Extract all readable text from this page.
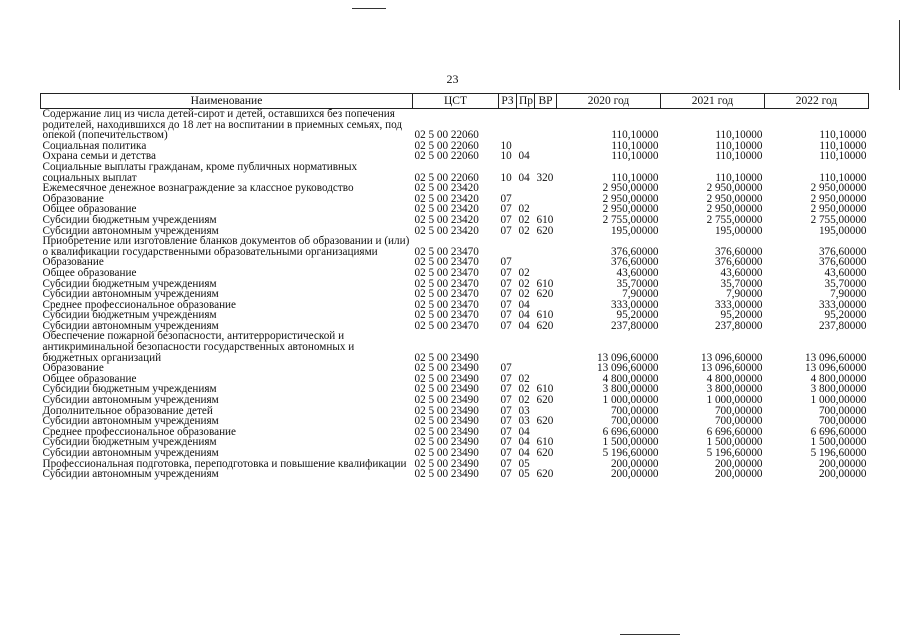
23
Наименование	ЦСТ	РЗ	Пр	ВР	2020 год	2021 год	2022 год
Содержание лиц из числа детей-сирот и детей, оставшихся без попечения родителей, находившихся до 18 лет на воспитании в приемных семьях, под опекой (попечительством)	02 5 00 22060				110,10000	110,10000	110,10000
Социальная политика	02 5 00 22060	10			110,10000	110,10000	110,10000
Охрана семьи и детства	02 5 00 22060	10	04		110,10000	110,10000	110,10000
Социальные выплаты гражданам, кроме публичных нормативных социальных выплат	02 5 00 22060	10	04	320	110,10000	110,10000	110,10000
Ежемесячное денежное вознаграждение за классное руководство	02 5 00 23420				2 950,00000	2 950,00000	2 950,00000
Образование	02 5 00 23420	07			2 950,00000	2 950,00000	2 950,00000
Общее образование	02 5 00 23420	07	02		2 950,00000	2 950,00000	2 950,00000
Субсидии бюджетным учреждениям	02 5 00 23420	07	02	610	2 755,00000	2 755,00000	2 755,00000
Субсидии автономным учреждениям	02 5 00 23420	07	02	620	195,00000	195,00000	195,00000
Приобретение или изготовление бланков документов об образовании и (или) о квалификации государственными образовательными организациями	02 5 00 23470				376,60000	376,60000	376,60000
Образование	02 5 00 23470	07			376,60000	376,60000	376,60000
Общее образование	02 5 00 23470	07	02		43,60000	43,60000	43,60000
Субсидии бюджетным учреждениям	02 5 00 23470	07	02	610	35,70000	35,70000	35,70000
Субсидии автономным учреждениям	02 5 00 23470	07	02	620	7,90000	7,90000	7,90000
Среднее профессиональное образование	02 5 00 23470	07	04		333,00000	333,00000	333,00000
Субсидии бюджетным учреждениям	02 5 00 23470	07	04	610	95,20000	95,20000	95,20000
Субсидии автономным учреждениям	02 5 00 23470	07	04	620	237,80000	237,80000	237,80000
Обеспечение пожарной безопасности, антитеррористической и антикриминальной безопасности государственных автономных и бюджетных организаций	02 5 00 23490				13 096,60000	13 096,60000	13 096,60000
Образование	02 5 00 23490	07			13 096,60000	13 096,60000	13 096,60000
Общее образование	02 5 00 23490	07	02		4 800,00000	4 800,00000	4 800,00000
Субсидии бюджетным учреждениям	02 5 00 23490	07	02	610	3 800,00000	3 800,00000	3 800,00000
Субсидии автономным учреждениям	02 5 00 23490	07	02	620	1 000,00000	1 000,00000	1 000,00000
Дополнительное образование детей	02 5 00 23490	07	03		700,00000	700,00000	700,00000
Субсидии автономным учреждениям	02 5 00 23490	07	03	620	700,00000	700,00000	700,00000
Среднее профессиональное образование	02 5 00 23490	07	04		6 696,60000	6 696,60000	6 696,60000
Субсидии бюджетным учреждениям	02 5 00 23490	07	04	610	1 500,00000	1 500,00000	1 500,00000
Субсидии автономным учреждениям	02 5 00 23490	07	04	620	5 196,60000	5 196,60000	5 196,60000
Профессиональная подготовка, переподготовка и повышение квалификации	02 5 00 23490	07	05		200,00000	200,00000	200,00000
Субсидии автономным учреждениям	02 5 00 23490	07	05	620	200,00000	200,00000	200,00000
